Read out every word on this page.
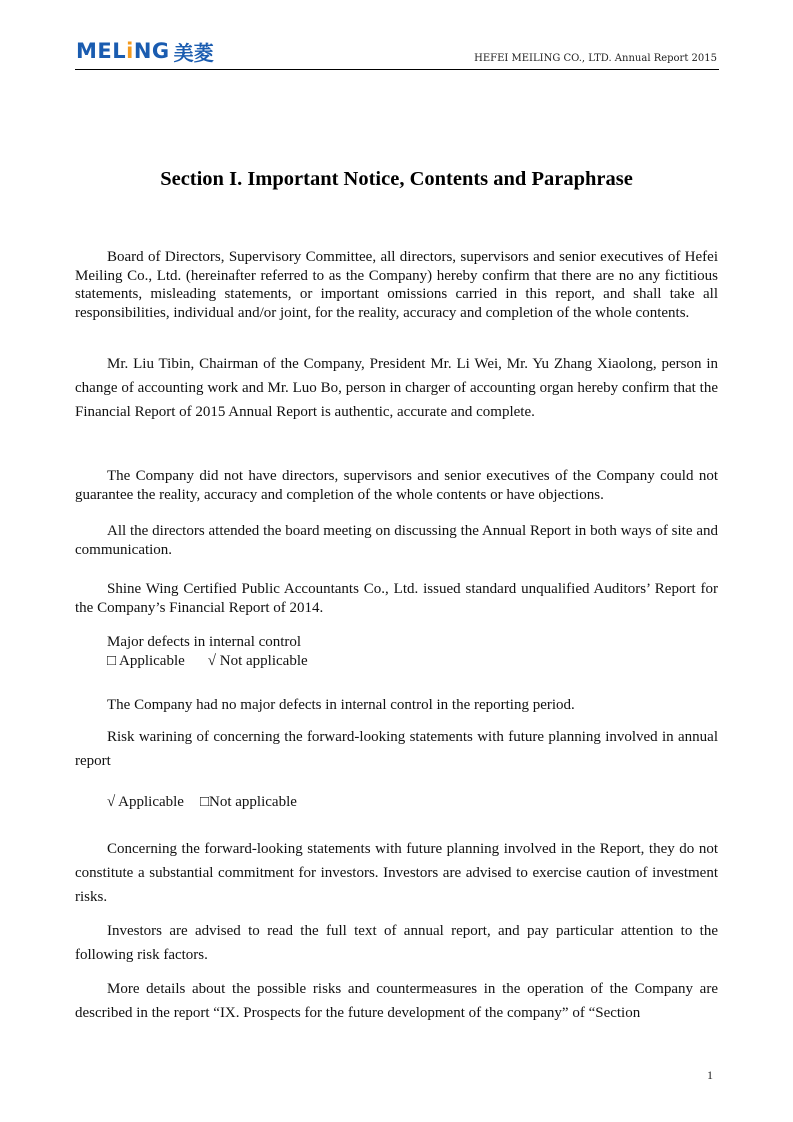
MELiNG 美菱	HEFEI MEILING CO., LTD. Annual Report 2015
Section I. Important Notice, Contents and Paraphrase
Board of Directors, Supervisory Committee, all directors, supervisors and senior executives of Hefei Meiling Co., Ltd. (hereinafter referred to as the Company) hereby confirm that there are no any fictitious statements, misleading statements, or important omissions carried in this report, and shall take all responsibilities, individual and/or joint, for the reality, accuracy and completion of the whole contents.
Mr. Liu Tibin, Chairman of the Company, President Mr. Li Wei, Mr. Yu Zhang Xiaolong, person in change of accounting work and Mr. Luo Bo, person in charger of accounting organ hereby confirm that the Financial Report of 2015 Annual Report is authentic, accurate and complete.
The Company did not have directors, supervisors and senior executives of the Company could not guarantee the reality, accuracy and completion of the whole contents or have objections.
All the directors attended the board meeting on discussing the Annual Report in both ways of site and communication.
Shine Wing Certified Public Accountants Co., Ltd. issued standard unqualified Auditors’ Report for the Company’s Financial Report of 2014.
Major defects in internal control
□ Applicable √ Not applicable
The Company had no major defects in internal control in the reporting period.
Risk warining of concerning the forward-looking statements with future planning involved in annual report
√ Applicable □Not applicable
Concerning the forward-looking statements with future planning involved in the Report, they do not constitute a substantial commitment for investors. Investors are advised to exercise caution of investment risks.
Investors are advised to read the full text of annual report, and pay particular attention to the following risk factors.
More details about the possible risks and countermeasures in the operation of the Company are described in the report “IX. Prospects for the future development of the company” of “Section
1
